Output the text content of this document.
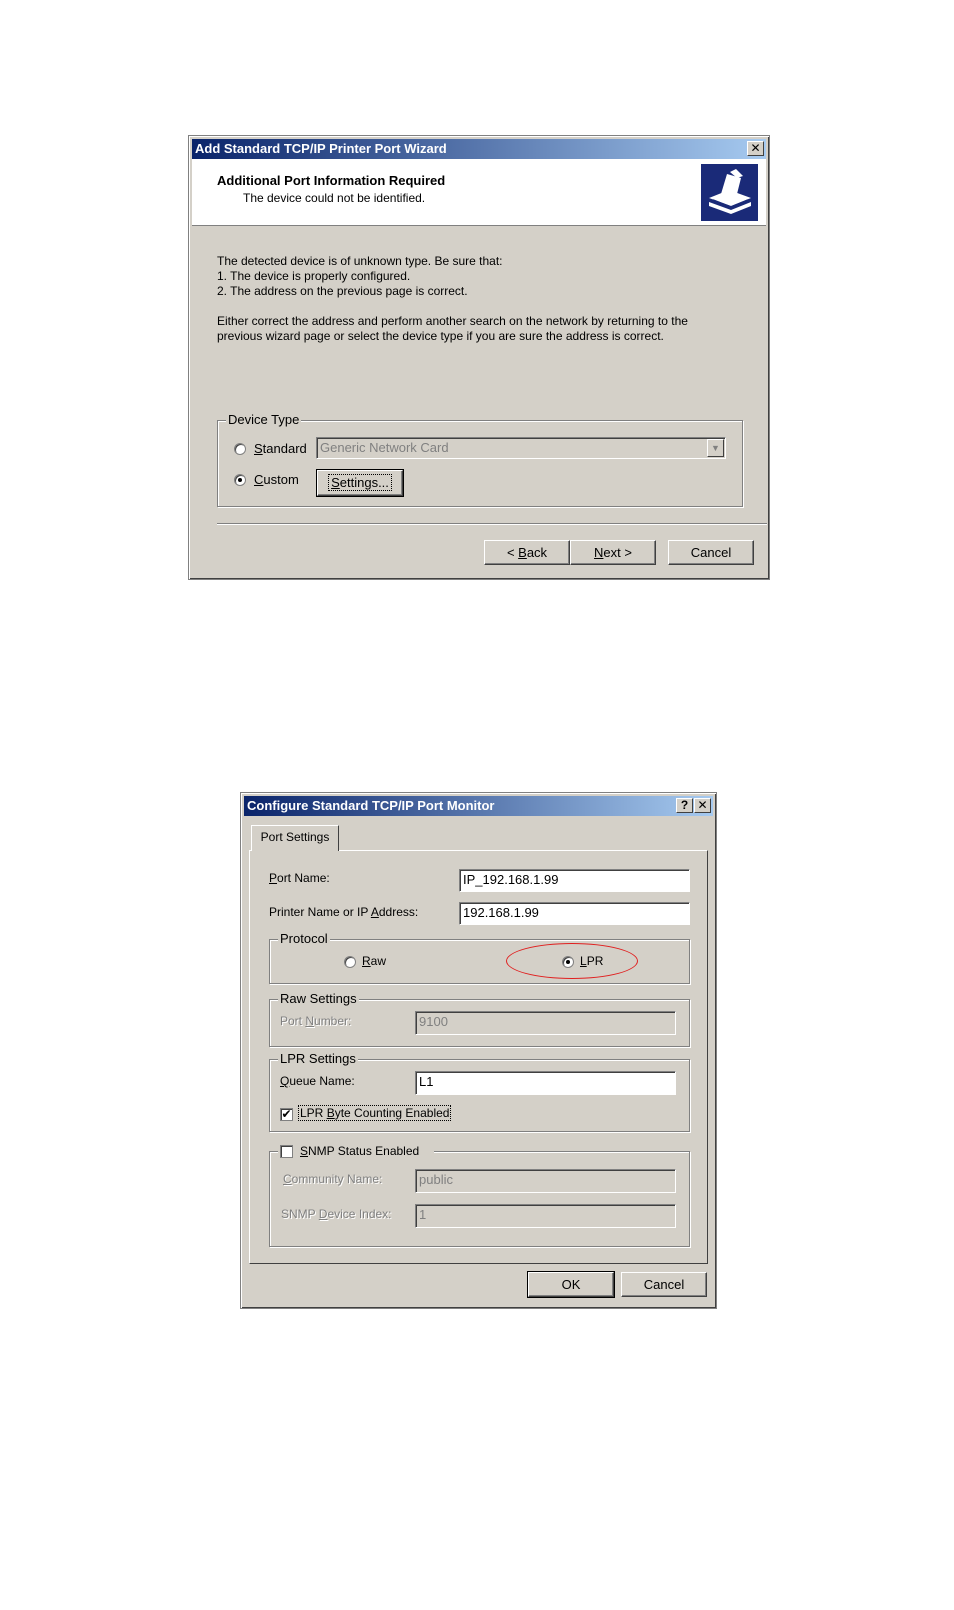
Add Standard TCP/IP Printer Port Wizard	✕
Additional Port Information Required
The device could not be identified.
The detected device is of unknown type. Be sure that:
1. The device is properly configured.
2. The address on the previous page is correct.
Either correct the address and perform another search on the network by returning to the
previous wizard page or select the device type if you are sure the address is correct.
Device Type
Standard	Generic Network Card	▼
Custom	Settings...
< Back	Next >	Cancel
Configure Standard TCP/IP Port Monitor	? ✕
Port Settings
Port Name:	IP_192.168.1.99
Printer Name or IP Address:	192.168.1.99
Protocol
Raw	LPR
Raw Settings
Port Number:	9100
LPR Settings
Queue Name:	L1
✔ LPR Byte Counting Enabled
SNMP Status Enabled
Community Name:	public
SNMP Device Index:	1
OK	Cancel
